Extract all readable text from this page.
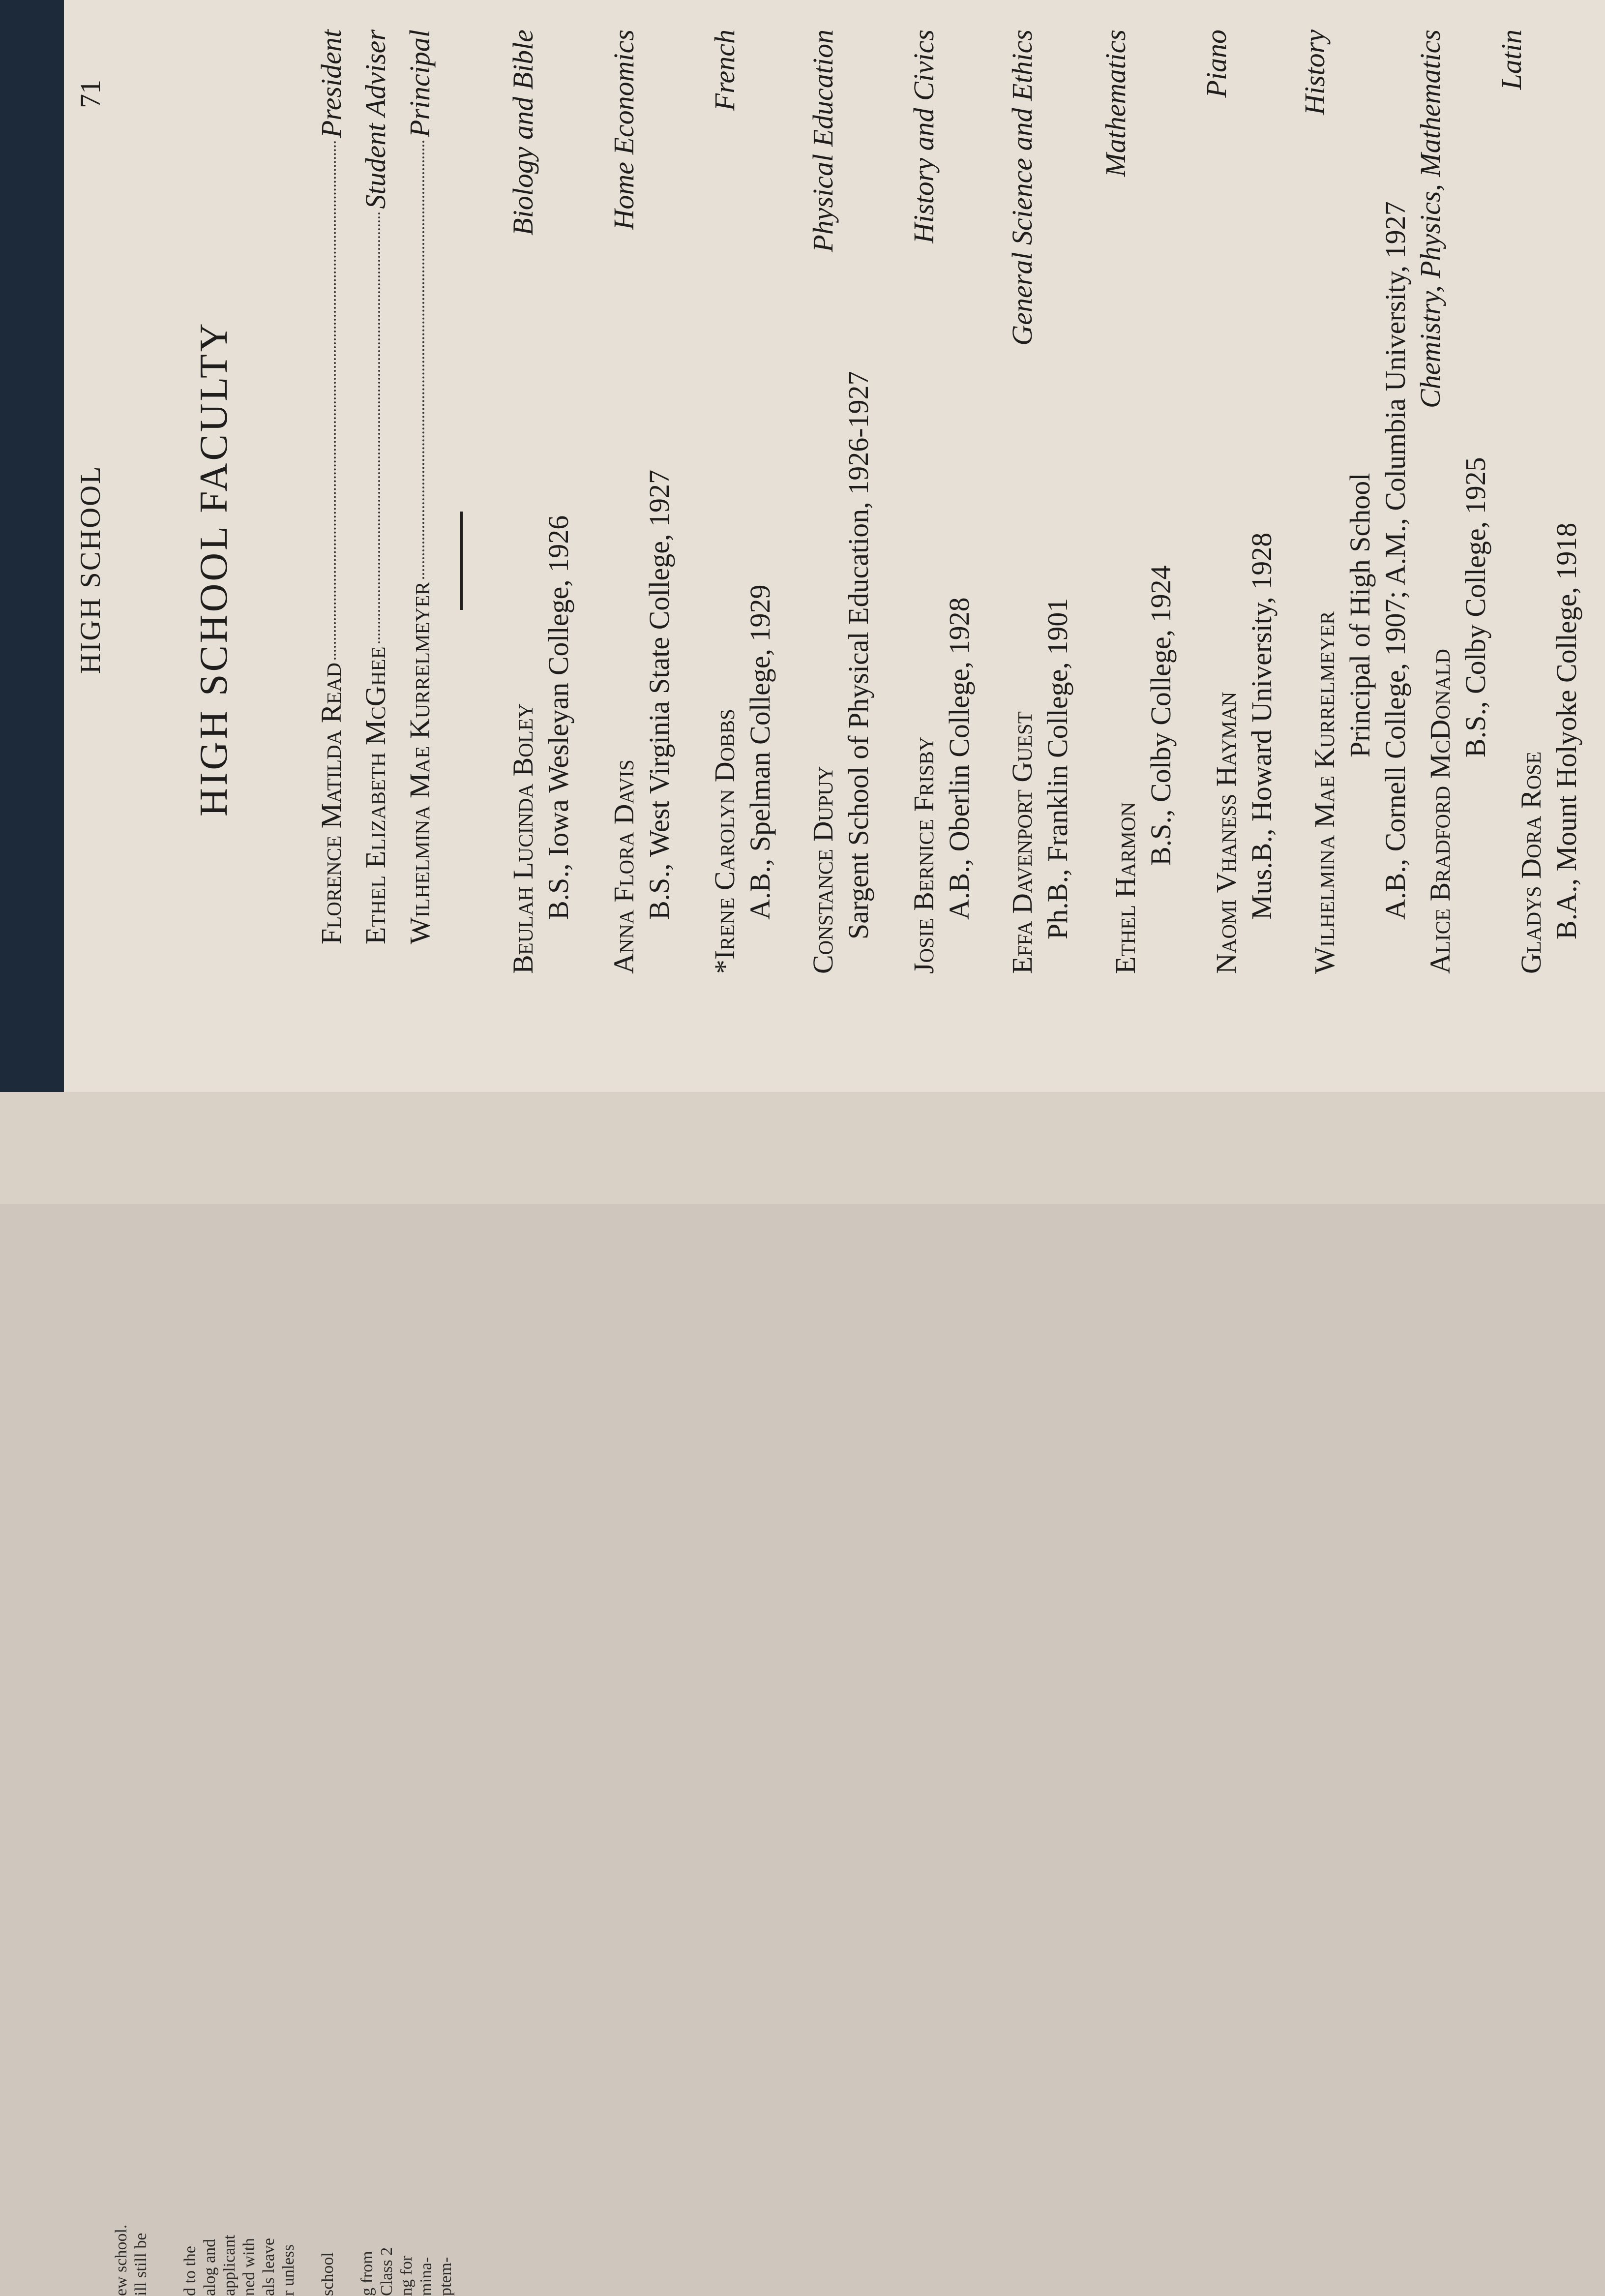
ew school. ill still be d to the alog and applicant ned with als leave r unless school g from Class 2 ng for mina- ptem-
HIGH SCHOOL
71
HIGH SCHOOL FACULTY	Florence Matilda Read
President
Ethel Elizabeth McGhee
Student Adviser
Wilhelmina Mae Kurrelmeyer
Principal
Beulah Lucinda Boley
Biology and Bible
B.S., Iowa Wesleyan College, 1926 Anna Flora Davis
Home Economics
B.S., West Virginia State College, 1927 *Irene Carolyn Dobbs
French
A.B., Spelman College, 1929 Constance Dupuy
Physical Education
Sargent School of Physical Education, 1926-1927 Josie Bernice Frisby
History and Civics
A.B., Oberlin College, 1928 Effa Davenport Guest
General Science and Ethics
Ph.B., Franklin College, 1901 Ethel Harmon
Mathematics
B.S., Colby College, 1924 Naomi Vhaness Hayman
Piano
Mus.B., Howard University, 1928 Wilhelmina Mae Kurrelmeyer
History
Principal of High School A.B., Cornell College, 1907; A.M., Columbia University, 1927 Alice Bradford McDonald
Chemistry, Physics, Mathematics
B.S., Colby College, 1925
Gladys Dora Rose
Latin
B.A., Mount Holyoke College, 1918
